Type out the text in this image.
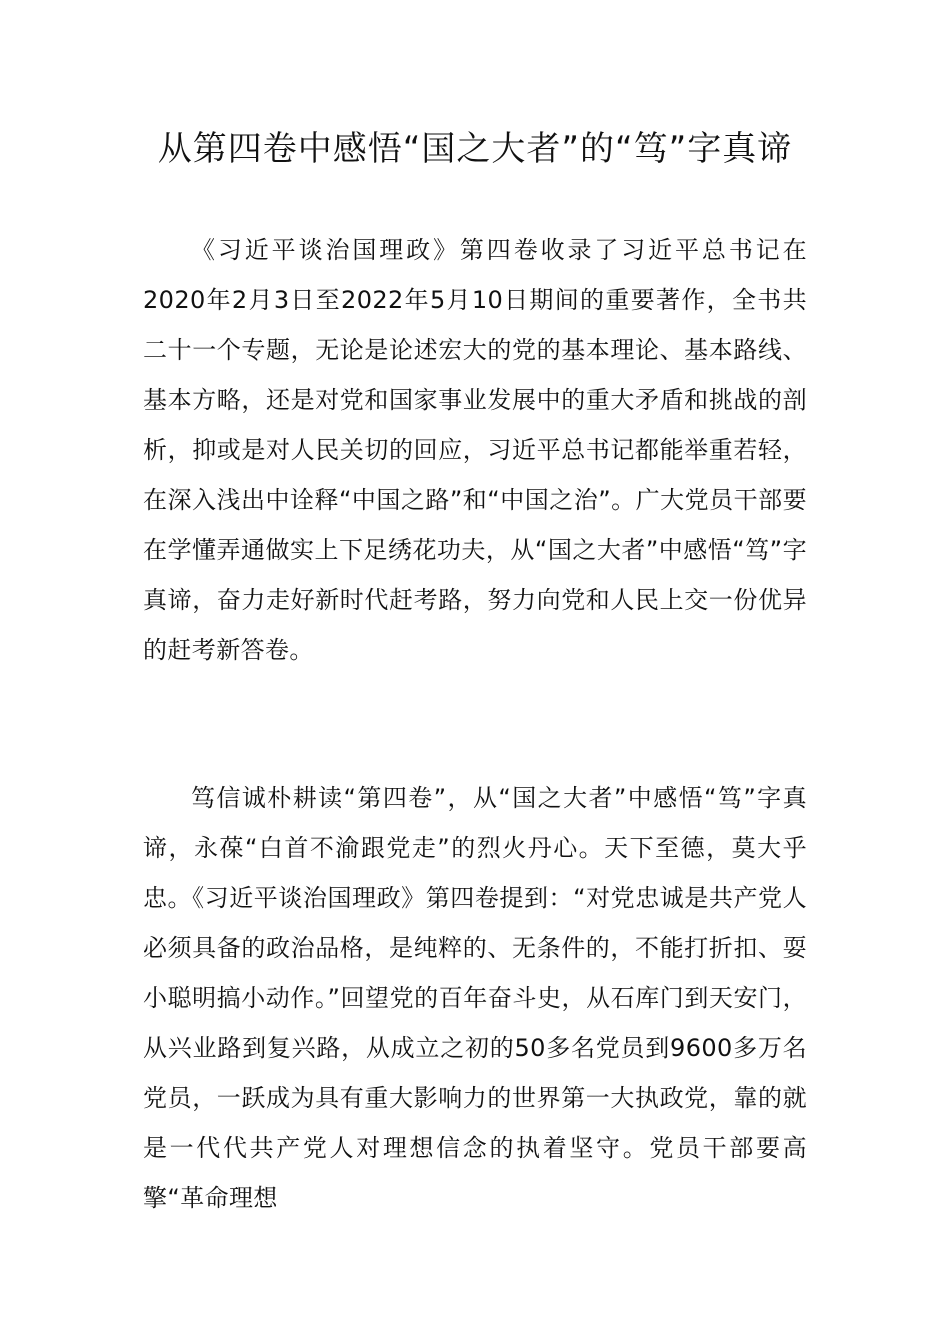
从第四卷中感悟“国之大者”的“笃”字真谛

《习近平谈治国理政》第四卷收录了习近平总书记在2020年2月3日至2022年5月10日期间的重要著作，全书共二十一个专题，无论是论述宏大的党的基本理论、基本路线、基本方略，还是对党和国家事业发展中的重大矛盾和挑战的剖析，抑或是对人民关切的回应，习近平总书记都能举重若轻，在深入浅出中诠释“中国之路”和“中国之治”。广大党员干部要在学懂弄通做实上下足绣花功夫，从“国之大者”中感悟“笃”字真谛，奋力走好新时代赶考路，努力向党和人民上交一份优异的赶考新答卷。

笃信诚朴耕读“第四卷”，从“国之大者”中感悟“笃”字真谛，永葆“白首不渝跟党走”的烈火丹心。天下至德，莫大乎忠。《习近平谈治国理政》第四卷提到：“对党忠诚是共产党人必须具备的政治品格，是纯粹的、无条件的，不能打折扣、耍小聪明搞小动作。”回望党的百年奋斗史，从石库门到天安门，从兴业路到复兴路，从成立之初的50多名党员到9600多万名党员，一跃成为具有重大影响力的世界第一大执政党，靠的就是一代代共产党人对理想信念的执着坚守。党员干部要高擎“革命理想
